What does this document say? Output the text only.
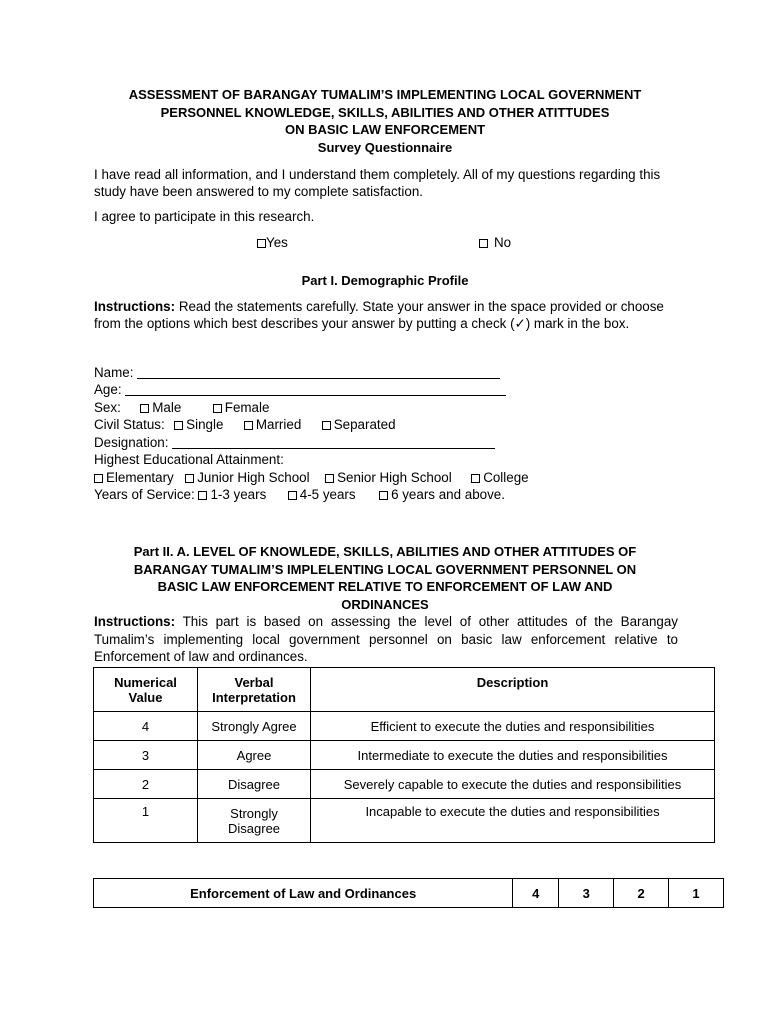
ASSESSMENT OF BARANGAY TUMALIM’S IMPLEMENTING LOCAL GOVERNMENT
PERSONNEL KNOWLEDGE, SKILLS, ABILITIES AND OTHER ATITTUDES
ON BASIC LAW ENFORCEMENT
Survey Questionnaire
I have read all information, and I understand them completely. All of my questions regarding this study have been answered to my complete satisfaction.
I agree to participate in this research.
Yes	No
Part I. Demographic Profile
Instructions: Read the statements carefully. State your answer in the space provided or choose from the options which best describes your answer by putting a check (✓) mark in the box.
Name:
Age:
Sex: Male	Female
Civil Status: Single Married Separated
Designation:
Highest Educational Attainment:
Elementary Junior High School Senior High School College
Years of Service: 1-3 years 4-5 years	6 years and above.
Part II. A. LEVEL OF KNOWLEDE, SKILLS, ABILITIES AND OTHER ATTITUDES OF
BARANGAY TUMALIM’S IMPLELENTING LOCAL GOVERNMENT PERSONNEL ON
BASIC LAW ENFORCEMENT RELATIVE TO ENFORCEMENT OF LAW AND
ORDINANCES
Instructions: This part is based on assessing the level of other attitudes of the Barangay Tumalim’s implementing local government personnel on basic law enforcement relative to Enforcement of law and ordinances.
Numerical Value	Verbal Interpretation	Description
4	Strongly Agree	Efficient to execute the duties and responsibilities
3	Agree	Intermediate to execute the duties and responsibilities
2	Disagree	Severely capable to execute the duties and responsibilities
1	Strongly Disagree	Incapable to execute the duties and responsibilities
Enforcement of Law and Ordinances	4	3	2	1
